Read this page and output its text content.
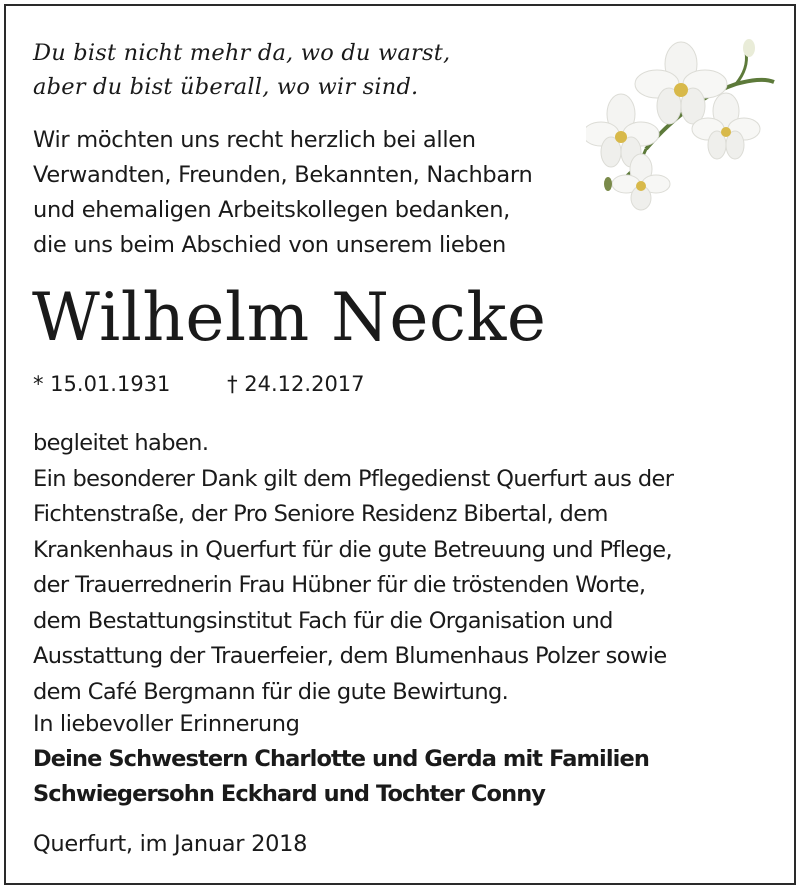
Du bist nicht mehr da, wo du warst,
aber du bist überall, wo wir sind.
Wir möchten uns recht herzlich bei allen
Verwandten, Freunden, Bekannten, Nachbarn
und ehemaligen Arbeitskollegen bedanken,
die uns beim Abschied von unserem lieben
Wilhelm Necke
* 15.01.1931	† 24.12.2017
begleitet haben.
Ein besonderer Dank gilt dem Pflegedienst Querfurt aus der
Fichtenstraße, der Pro Seniore Residenz Bibertal, dem
Krankenhaus in Querfurt für die gute Betreuung und Pflege,
der Trauerrednerin Frau Hübner für die tröstenden Worte,
dem Bestattungsinstitut Fach für die Organisation und
Ausstattung der Trauerfeier, dem Blumenhaus Polzer sowie
dem Café Bergmann für die gute Bewirtung.
In liebevoller Erinnerung
Deine Schwestern Charlotte und Gerda mit Familien
Schwiegersohn Eckhard und Tochter Conny
Querfurt, im Januar 2018
